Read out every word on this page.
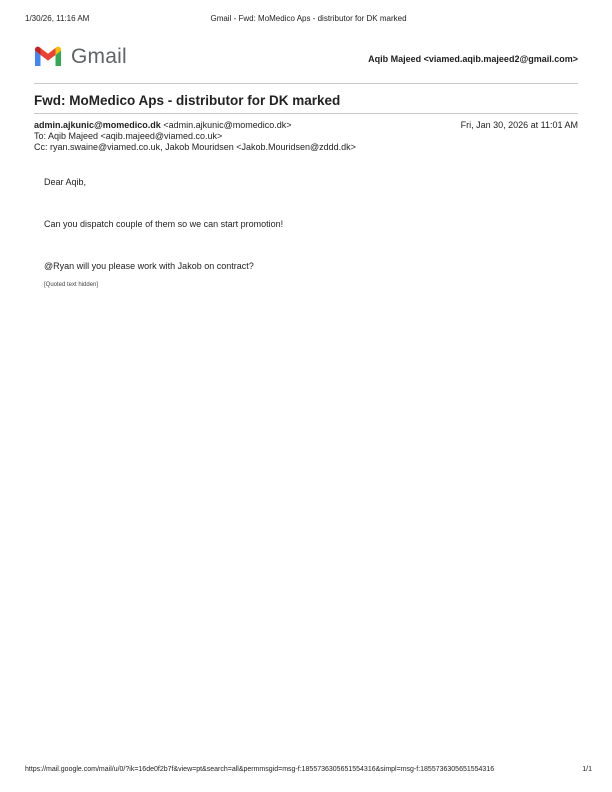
1/30/26, 11:16 AM	Gmail - Fwd: MoMedico Aps - distributor for DK marked
Gmail	Aqib Majeed <viamed.aqib.majeed2@gmail.com>
Fwd: MoMedico Aps - distributor for DK marked
admin.ajkunic@momedico.dk <admin.ajkunic@momedico.dk>	Fri, Jan 30, 2026 at 11:01 AM
To: Aqib Majeed <aqib.majeed@viamed.co.uk>
Cc: ryan.swaine@viamed.co.uk, Jakob Mouridsen <Jakob.Mouridsen@zddd.dk>
Dear Aqib,
Can you dispatch couple of them so we can start promotion!
@Ryan will you please work with Jakob on contract?
[Quoted text hidden]
https://mail.google.com/mail/u/0/?ik=16de0f2b7f&view=pt&search=all&permmsgid=msg-f:1855736305651554316&simpl=msg-f:1855736305651554316	1/1
